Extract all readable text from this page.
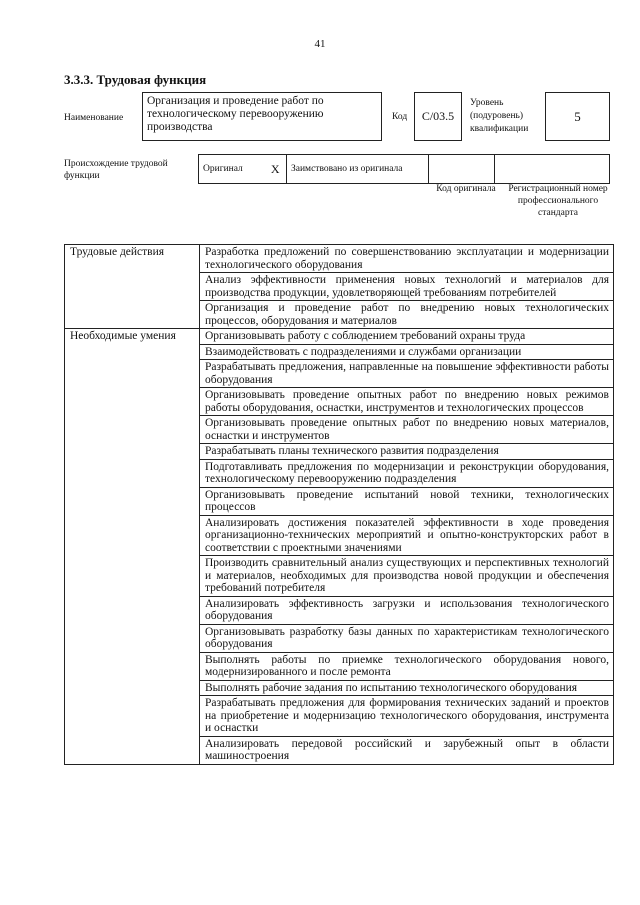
41
3.3.3. Трудовая функция
Наименование
Организация и проведение работ по технологическому перевооружению производства
Код	С/03.5
Уровень (подуровень) квалификации
5
Происхождение трудовой функции
Оригинал	X	Заимствовано из оригинала		
Код оригинала Регистрационный номер профессионального стандарта
Трудовые действия	Разработка предложений по совершенствованию эксплуатации и модернизации технологического оборудования
	Анализ эффективности применения новых технологий и материалов для производства продукции, удовлетворяющей требованиям потребителей
	Организация и проведение работ по внедрению новых технологических процессов, оборудования и материалов
Необходимые умения	Организовывать работу с соблюдением требований охраны труда
	Взаимодействовать с подразделениями и службами организации
	Разрабатывать предложения, направленные на повышение эффективности работы оборудования
	Организовывать проведение опытных работ по внедрению новых режимов работы оборудования, оснастки, инструментов и технологических процессов
	Организовывать проведение опытных работ по внедрению новых материалов, оснастки и инструментов
	Разрабатывать планы технического развития подразделения
	Подготавливать предложения по модернизации и реконструкции оборудования, технологическому перевооружению подразделения
	Организовывать проведение испытаний новой техники, технологических процессов
	Анализировать достижения показателей эффективности в ходе проведения организационно-технических мероприятий и опытно-конструкторских работ в соответствии с проектными значениями
	Производить сравнительный анализ существующих и перспективных технологий и материалов, необходимых для производства новой продукции и обеспечения требований потребителя
	Анализировать эффективность загрузки и использования технологического оборудования
	Организовывать разработку базы данных по характеристикам технологического оборудования
	Выполнять работы по приемке технологического оборудования нового, модернизированного и после ремонта
	Выполнять рабочие задания по испытанию технологического оборудования
	Разрабатывать предложения для формирования технических заданий и проектов на приобретение и модернизацию технологического оборудования, инструмента и оснастки
	Анализировать передовой российский и зарубежный опыт в области машиностроения
